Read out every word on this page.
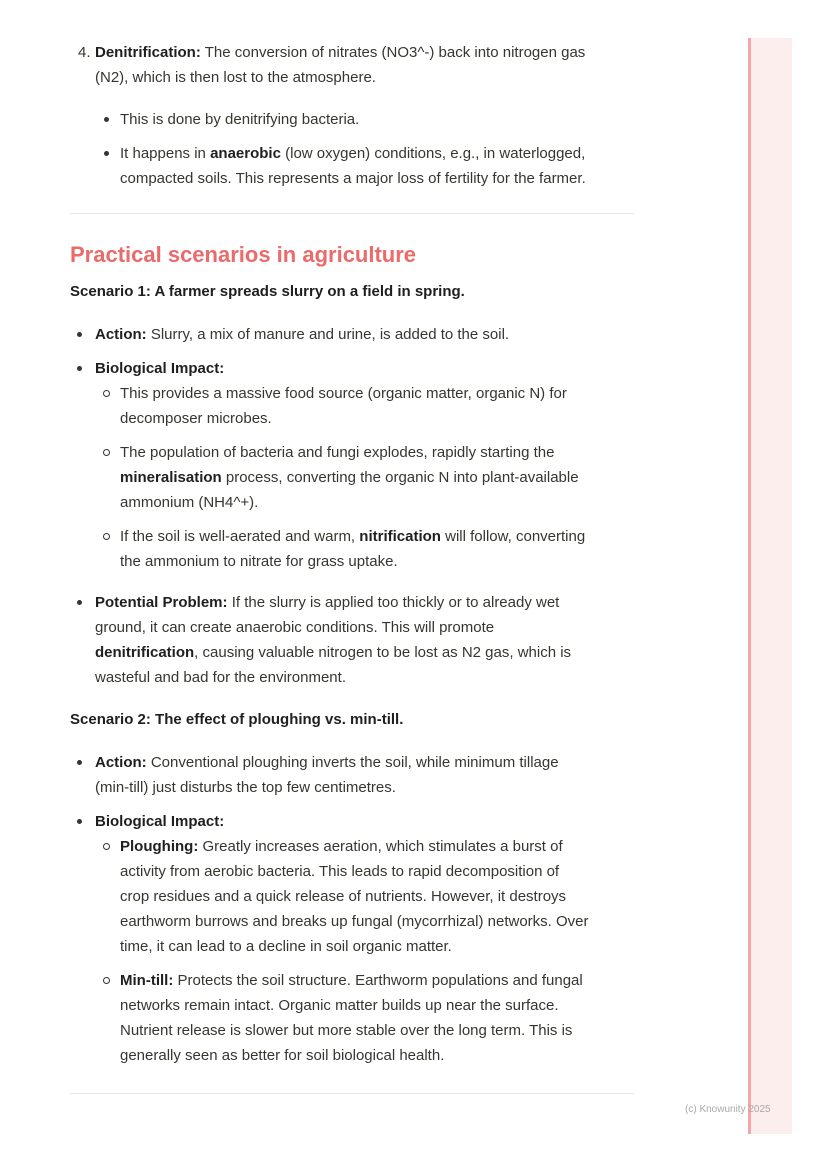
4. Denitrification: The conversion of nitrates (NO3^-) back into nitrogen gas
(N2), which is then lost to the atmosphere.

This is done by denitrifying bacteria.
It happens in anaerobic (low oxygen) conditions, e.g., in waterlogged,
compacted soils. This represents a major loss of fertility for the farmer.
Practical scenarios in agriculture

Scenario 1: A farmer spreads slurry on a field in spring.

Action: Slurry, a mix of manure and urine, is added to the soil.
Biological Impact:
This provides a massive food source (organic matter, organic N) for
decomposer microbes.
The population of bacteria and fungi explodes, rapidly starting the
mineralisation process, converting the organic N into plant-available
ammonium (NH4^+).
If the soil is well-aerated and warm, nitrification will follow, converting
the ammonium to nitrate for grass uptake.
Potential Problem: If the slurry is applied too thickly or to already wet
ground, it can create anaerobic conditions. This will promote
denitrification, causing valuable nitrogen to be lost as N2 gas, which is
wasteful and bad for the environment.

Scenario 2: The effect of ploughing vs. min-till.

Action: Conventional ploughing inverts the soil, while minimum tillage
(min-till) just disturbs the top few centimetres.
Biological Impact:
Ploughing: Greatly increases aeration, which stimulates a burst of
activity from aerobic bacteria. This leads to rapid decomposition of
crop residues and a quick release of nutrients. However, it destroys
earthworm burrows and breaks up fungal (mycorrhizal) networks. Over
time, it can lead to a decline in soil organic matter.
Min-till: Protects the soil structure. Earthworm populations and fungal
networks remain intact. Organic matter builds up near the surface.
Nutrient release is slower but more stable over the long term. This is
generally seen as better for soil biological health.
(c) Knowunity 2025
